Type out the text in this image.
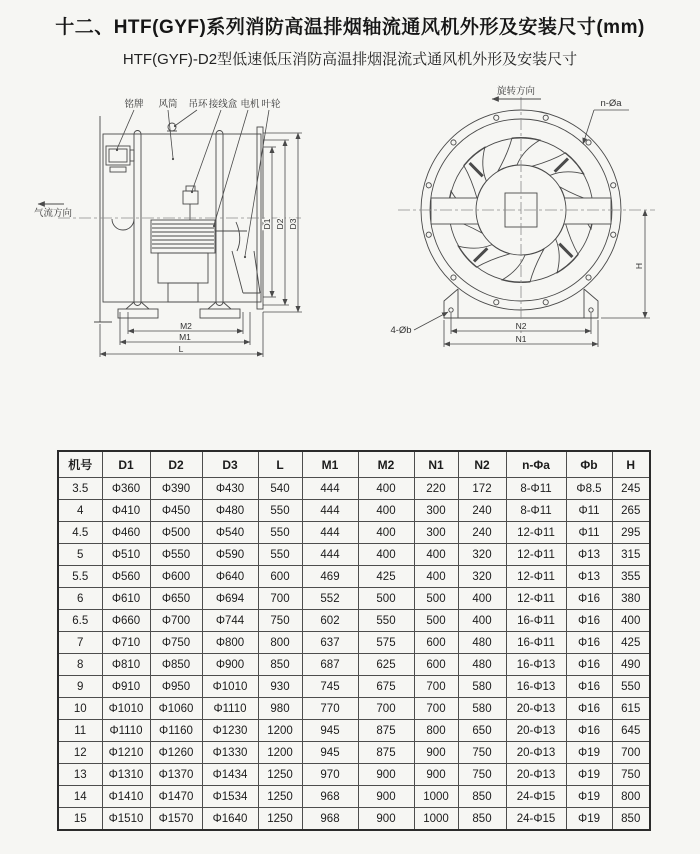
十二、HTF(GYF)系列消防高温排烟轴流通风机外形及安装尺寸(mm)
HTF(GYF)-D2型低速低压消防高温排烟混流式通风机外形及安装尺寸
铭牌 风筒 吊环 接线盒 电机 叶轮
气流方向
D1 D2 D3
M2
M1
L
N2
N1
H
旋转方向
n-Øa
4-Øb
机号	D1	D2	D3	L	M1	M2	N1	N2	n-Φa	Φb	H
3.5	Φ360	Φ390	Φ430	540	444	400	220	172	8-Φ11	Φ8.5	245
4	Φ410	Φ450	Φ480	550	444	400	300	240	8-Φ11	Φ11	265
4.5	Φ460	Φ500	Φ540	550	444	400	300	240	12-Φ11	Φ11	295
5	Φ510	Φ550	Φ590	550	444	400	400	320	12-Φ11	Φ13	315
5.5	Φ560	Φ600	Φ640	600	469	425	400	320	12-Φ11	Φ13	355
6	Φ610	Φ650	Φ694	700	552	500	500	400	12-Φ11	Φ16	380
6.5	Φ660	Φ700	Φ744	750	602	550	500	400	16-Φ11	Φ16	400
7	Φ710	Φ750	Φ800	800	637	575	600	480	16-Φ11	Φ16	425
8	Φ810	Φ850	Φ900	850	687	625	600	480	16-Φ13	Φ16	490
9	Φ910	Φ950	Φ1010	930	745	675	700	580	16-Φ13	Φ16	550
10	Φ1010	Φ1060	Φ1110	980	770	700	700	580	20-Φ13	Φ16	615
11	Φ1110	Φ1160	Φ1230	1200	945	875	800	650	20-Φ13	Φ16	645
12	Φ1210	Φ1260	Φ1330	1200	945	875	900	750	20-Φ13	Φ19	700
13	Φ1310	Φ1370	Φ1434	1250	970	900	900	750	20-Φ13	Φ19	750
14	Φ1410	Φ1470	Φ1534	1250	968	900	1000	850	24-Φ15	Φ19	800
15	Φ1510	Φ1570	Φ1640	1250	968	900	1000	850	24-Φ15	Φ19	850
